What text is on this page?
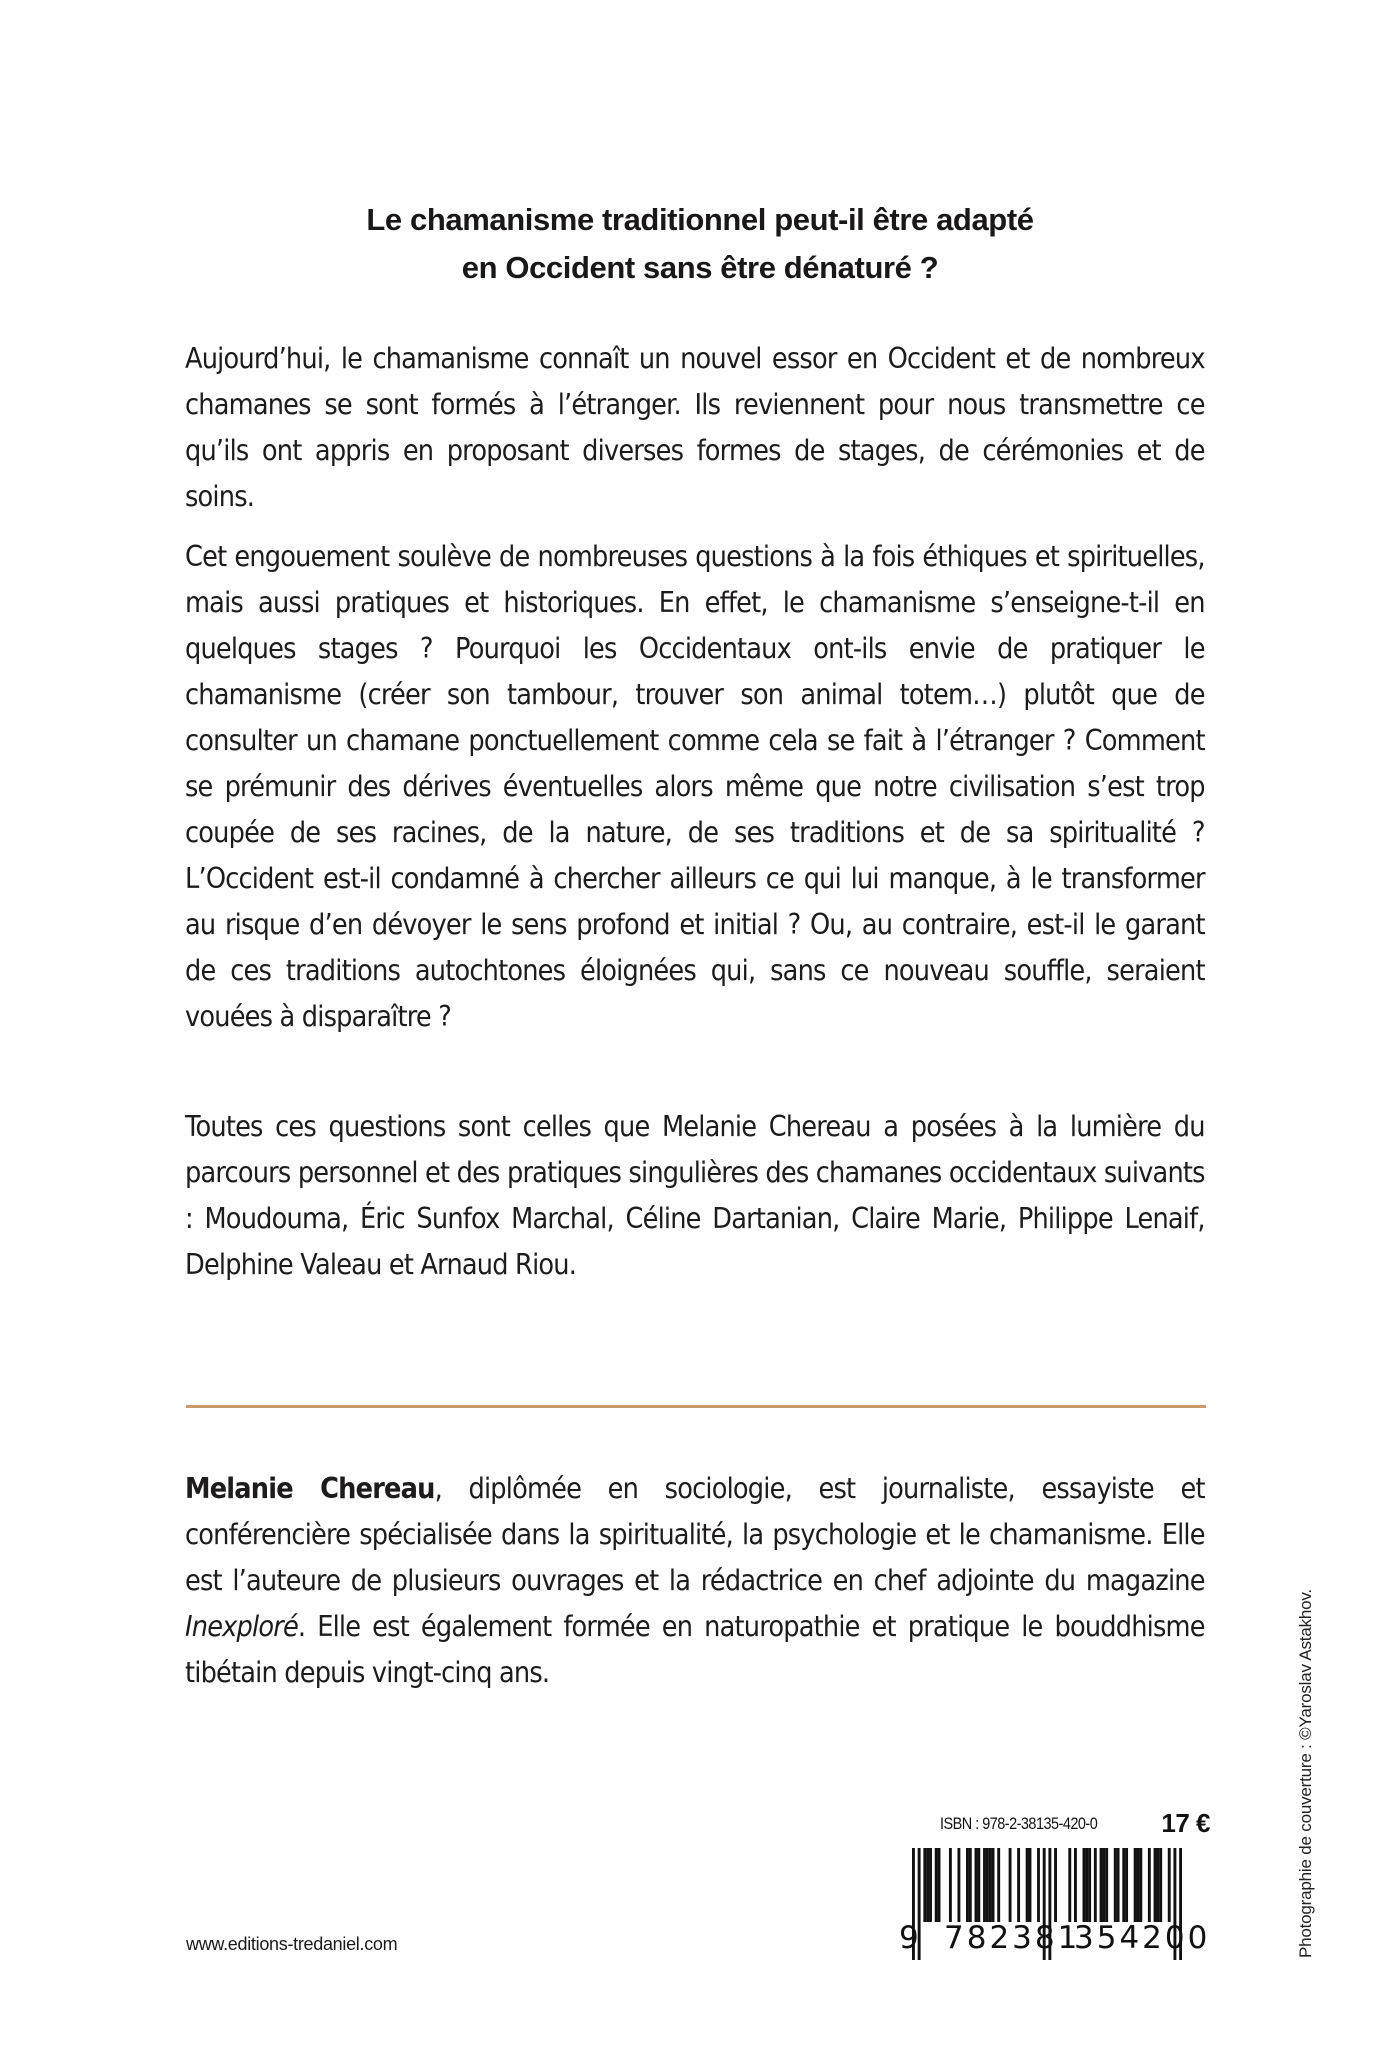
Le chamanisme traditionnel peut-il être adapté
en Occident sans être dénaturé ?

Aujourd’hui, le chamanisme connaît un nouvel essor en Occident et de nombreux chamanes se sont formés à l’étranger. Ils reviennent pour nous transmettre ce qu’ils ont appris en proposant diverses formes de stages, de cérémonies et de soins.

Cet engouement soulève de nombreuses questions à la fois éthiques et spirituelles, mais aussi pratiques et historiques. En effet, le chamanisme s’enseigne-t-il en quelques stages ? Pourquoi les Occidentaux ont-ils envie de pratiquer le chamanisme (créer son tambour, trouver son animal totem…) plutôt que de consulter un chamane ponctuellement comme cela se fait à l’étranger ? Comment se prémunir des dérives éventuelles alors même que notre civilisation s’est trop coupée de ses racines, de la nature, de ses traditions et de sa spiritualité ? L’Occident est-il condamné à chercher ailleurs ce qui lui manque, à le transformer au risque d’en dévoyer le sens profond et initial ? Ou, au contraire, est-il le garant de ces traditions autochtones éloignées qui, sans ce nouveau souffle, seraient vouées à disparaître ?

Toutes ces questions sont celles que Melanie Chereau a posées à la lumière du parcours personnel et des pratiques singulières des chamanes occidentaux suivants : Moudouma, Éric Sunfox Marchal, Céline Dartanian, Claire Marie, Philippe Lenaif, Delphine Valeau et Arnaud Riou.

Melanie Chereau, diplômée en sociologie, est journaliste, essayiste et conférencière spécialisée dans la spiritualité, la psychologie et le chamanisme. Elle est l’auteure de plusieurs ouvrages et la rédactrice en chef adjointe du magazine Inexploré. Elle est également formée en naturopathie et pratique le bouddhisme tibétain depuis vingt-cinq ans.

ISBN : 978-2-38135-420-0 17 €
9 782381
354200
www.editions-tredaniel.com	Photographie de couverture : ©Yaroslav Astakhov.
